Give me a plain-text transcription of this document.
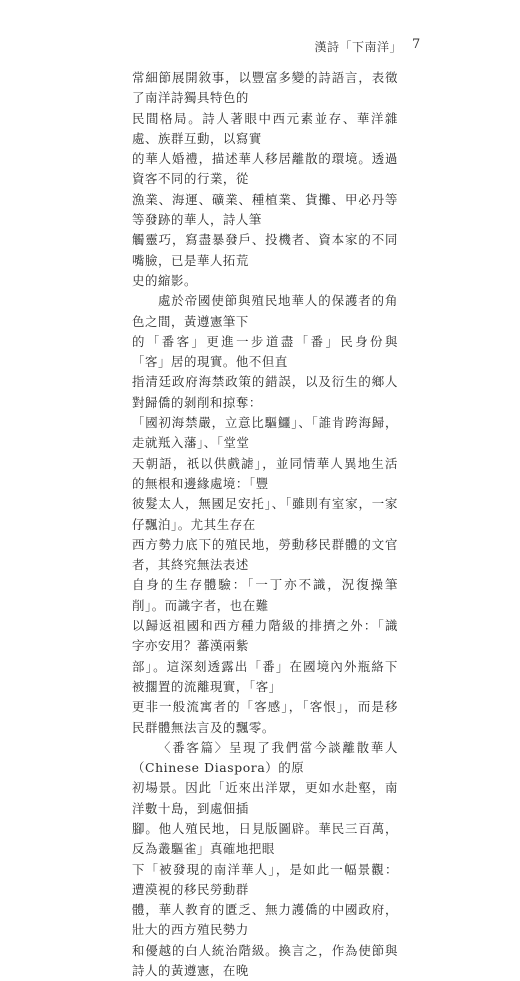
漢詩「下南洋」 7

常細節展開敘事，以豐富多變的詩語言，表徵了南洋詩獨具特色的
民間格局。詩人著眼中西元素並存、華洋雜處、族群互動，以寫實
的華人婚禮，描述華人移居離散的環境。透過資客不同的行業，從
漁業、海運、礦業、種植業、貨攤、甲必丹等等發跡的華人，詩人筆
觸靈巧，寫盡暴發戶、投機者、資本家的不同嘴臉，已是華人拓荒
史的縮影。

處於帝國使節與殖民地華人的保護者的角色之間，黃遵憲筆下
的「番客」更進一步道盡「番」民身份與「客」居的現實。他不但直
指清廷政府海禁政策的錯誤，以及衍生的鄉人對歸僑的剝削和掠奪：
「國初海禁嚴，立意比驅鱷」、「誰肯跨海歸，走就羝入藩」、「堂堂
天朝語，祇以供戲謔」，並同情華人異地生活的無根和邊緣處境：「豐
彼髮太人，無國足安托」、「雖則有室家，一家仔飄泊」。尤其生存在
西方勢力底下的殖民地，勞動移民群體的文官者，其終究無法表述
自身的生存體驗：「一丁亦不識，況復操筆削」。而識字者，也在難
以歸返祖國和西方種力階級的排擠之外：「識字亦安用？蕃漢兩紫
部」。這深刻透露出「番」在國境內外瓶絡下被擱置的流離現實，「客」
更非一般流寓者的「客感」，「客恨」，而是移民群體無法言及的飄零。

〈番客篇〉呈現了我們當今談離散華人（Chinese Diaspora）的原
初場景。因此「近來出洋眾，更如水赴壑，南洋數十島，到處佃插
腳。他人殖民地，日見版圖辟。華民三百萬，反為叢驅雀」真確地把眼
下「被發現的南洋華人」，是如此一幅景觀：遭漠視的移民勞動群
體，華人教育的匱乏、無力護僑的中國政府，壯大的西方殖民勢力
和優越的白人統治階級。換言之，作為使節與詩人的黃遵憲，在晚
